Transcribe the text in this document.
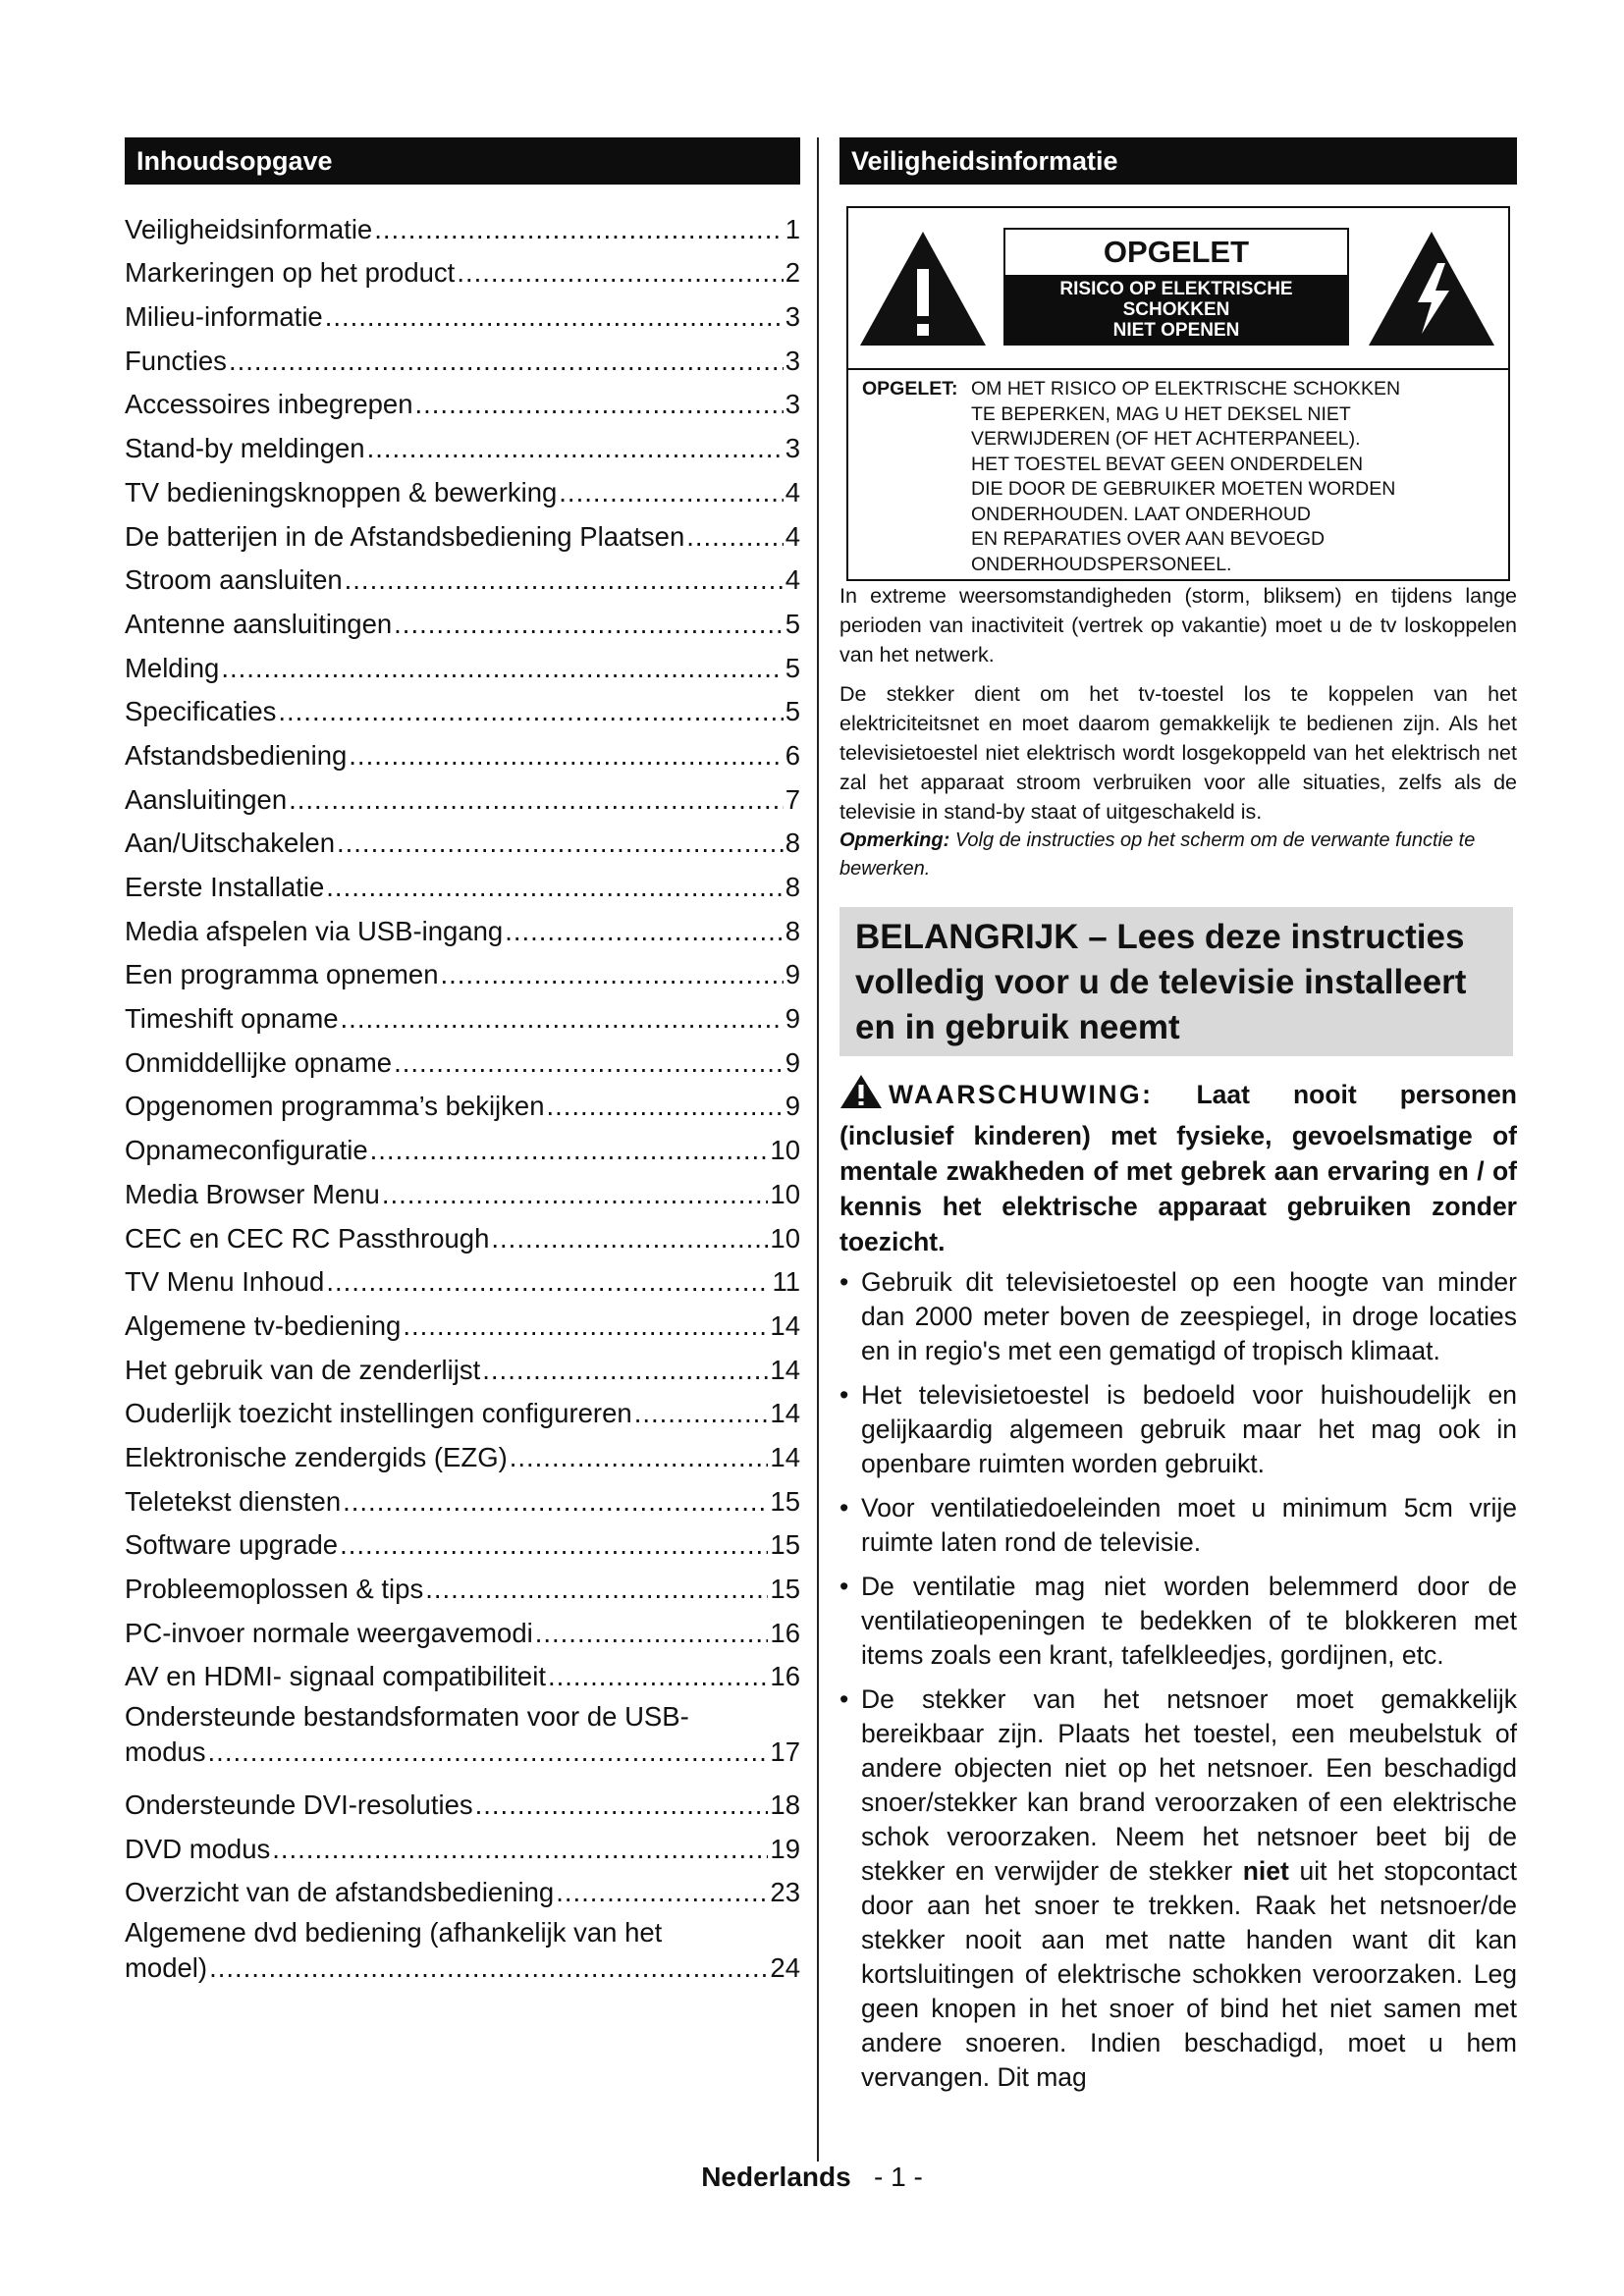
Inhoudsopgave
Veiligheidsinformatie .....	1
Markeringen op het product .....	2
Milieu-informatie .....	3
Functies .....	3
Accessoires inbegrepen .....	3
Stand-by meldingen .....	3
TV bedieningsknoppen & bewerking .....	4
De batterijen in de Afstandsbediening Plaatsen .....	4
Stroom aansluiten .....	4
Antenne aansluitingen .....	5
Melding .....	5
Specificaties .....	5
Afstandsbediening .....	6
Aansluitingen .....	7
Aan/Uitschakelen .....	8
Eerste Installatie .....	8
Media afspelen via USB-ingang .....	8
Een programma opnemen .....	9
Timeshift opname .....	9
Onmiddellijke opname .....	9
Opgenomen programma’s bekijken .....	9
Opnameconfiguratie .....	10
Media Browser Menu .....	10
CEC en CEC RC Passthrough .....	10
TV Menu Inhoud .....	11
Algemene tv-bediening .....	14
Het gebruik van de zenderlijst .....	14
Ouderlijk toezicht instellingen configureren .....	14
Elektronische zendergids (EZG) .....	14
Teletekst diensten .....	15
Software upgrade .....	15
Probleemoplossen & tips .....	15
PC-invoer normale weergavemodi .....	16
AV en HDMI- signaal compatibiliteit .....	16
Ondersteunde bestandsformaten voor de USB-
modus .....	17
Ondersteunde DVI-resoluties .....	18
DVD modus .....	19
Overzicht van de afstandsbediening .....	23
Algemene dvd bediening (afhankelijk van het
model) .....	24
Veiligheidsinformatie
OPGELET
RISICO OP ELEKTRISCHE
SCHOKKEN
NIET OPENEN
OPGELET: OM HET RISICO OP ELEKTRISCHE SCHOKKEN
TE BEPERKEN, MAG U HET DEKSEL NIET
VERWIJDEREN (OF HET ACHTERPANEEL).
HET TOESTEL BEVAT GEEN ONDERDELEN
DIE DOOR DE GEBRUIKER MOETEN WORDEN
ONDERHOUDEN. LAAT ONDERHOUD
EN REPARATIES OVER AAN BEVOEGD
ONDERHOUDSPERSONEEL.
In extreme weersomstandigheden (storm, bliksem) en tijdens lange perioden van inactiviteit (vertrek op vakantie) moet u de tv loskoppelen van het netwerk.
De stekker dient om het tv-toestel los te koppelen van het elektriciteitsnet en moet daarom gemakkelijk te bedienen zijn. Als het televisietoestel niet elektrisch wordt losgekoppeld van het elektrisch net zal het apparaat stroom verbruiken voor alle situaties, zelfs als de televisie in stand-by staat of uitgeschakeld is.
Opmerking: Volg de instructies op het scherm om de verwante functie te bewerken.
BELANGRIJK – Lees deze instructies volledig voor u de televisie installeert en in gebruik neemt
WAARSCHUWING: Laat nooit personen (inclusief kinderen) met fysieke, gevoelsmatige of mentale zwakheden of met gebrek aan ervaring en / of kennis het elektrische apparaat gebruiken zonder toezicht.
• Gebruik dit televisietoestel op een hoogte van minder dan 2000 meter boven de zeespiegel, in droge locaties en in regio's met een gematigd of tropisch klimaat.
• Het televisietoestel is bedoeld voor huishoudelijk en gelijkaardig algemeen gebruik maar het mag ook in openbare ruimten worden gebruikt.
• Voor ventilatiedoeleinden moet u minimum 5cm vrije ruimte laten rond de televisie.
• De ventilatie mag niet worden belemmerd door de ventilatieopeningen te bedekken of te blokkeren met items zoals een krant, tafelkleedjes, gordijnen, etc.
• De stekker van het netsnoer moet gemakkelijk bereikbaar zijn. Plaats het toestel, een meubelstuk of andere objecten niet op het netsnoer. Een beschadigd snoer/stekker kan brand veroorzaken of een elektrische schok veroorzaken. Neem het netsnoer beet bij de stekker en verwijder de stekker niet uit het stopcontact door aan het snoer te trekken. Raak het netsnoer/de stekker nooit aan met natte handen want dit kan kortsluitingen of elektrische schokken veroorzaken. Leg geen knopen in het snoer of bind het niet samen met andere snoeren. Indien beschadigd, moet u hem vervangen. Dit mag
Nederlands - 1 -
